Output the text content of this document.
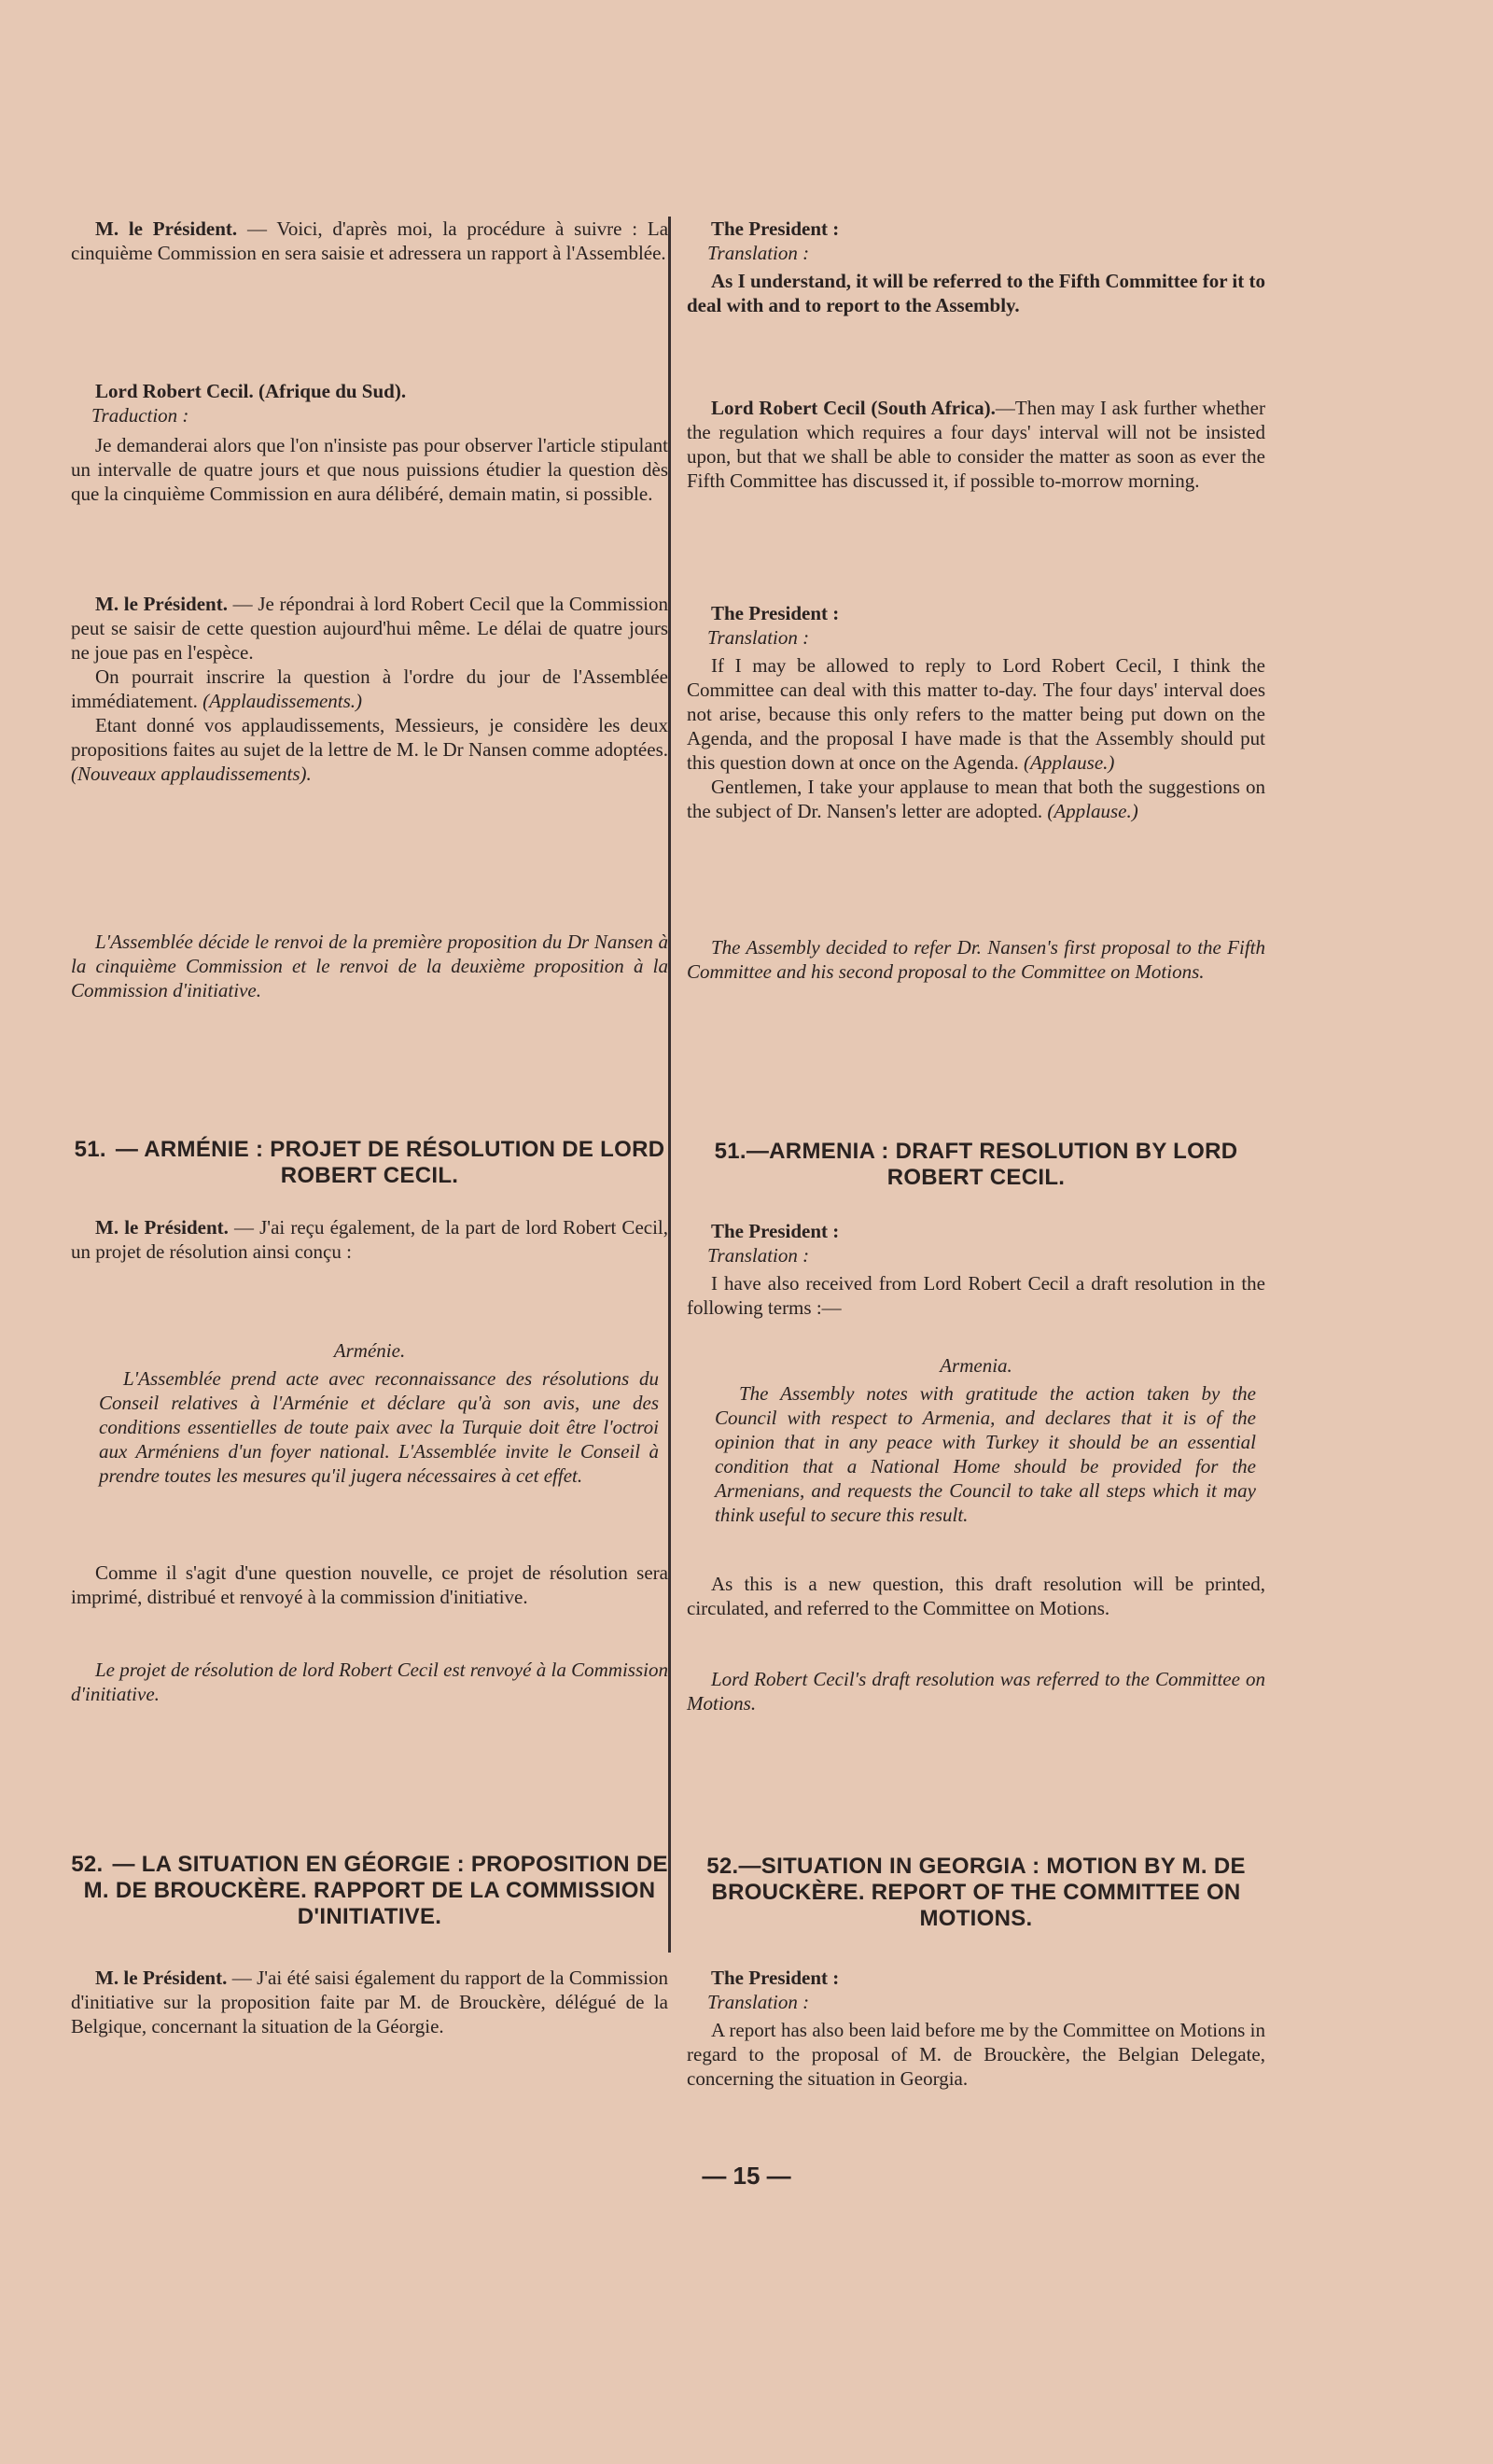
M. le Président. — Voici, d'après moi, la procédure à suivre : La cinquième Commission en sera saisie et adressera un rapport à l'Assemblée.

Lord Robert Cecil. (Afrique du Sud).

Traduction :

Je demanderai alors que l'on n'insiste pas pour observer l'article stipulant un intervalle de quatre jours et que nous puissions étudier la question dès que la cinquième Commission en aura délibéré, demain matin, si possible.

M. le Président. — Je répondrai à lord Robert Cecil que la Commission peut se saisir de cette question aujourd'hui même. Le délai de quatre jours ne joue pas en l'espèce.

On pourrait inscrire la question à l'ordre du jour de l'Assemblée immédiatement. (Applaudissements.)

Etant donné vos applaudissements, Messieurs, je considère les deux propositions faites au sujet de la lettre de M. le Dr Nansen comme adoptées. (Nouveaux applaudissements).

L'Assemblée décide le renvoi de la première proposition du Dr Nansen à la cinquième Commission et le renvoi de la deuxième proposition à la Commission d'initiative.

51. — ARMÉNIE : PROJET DE RÉSOLUTION DE LORD ROBERT CECIL.

M. le Président. — J'ai reçu également, de la part de lord Robert Cecil, un projet de résolution ainsi conçu :

Arménie.

L'Assemblée prend acte avec reconnaissance des résolutions du Conseil relatives à l'Arménie et déclare qu'à son avis, une des conditions essentielles de toute paix avec la Turquie doit être l'octroi aux Arméniens d'un foyer national. L'Assemblée invite le Conseil à prendre toutes les mesures qu'il jugera nécessaires à cet effet.

Comme il s'agit d'une question nouvelle, ce projet de résolution sera imprimé, distribué et renvoyé à la commission d'initiative.

Le projet de résolution de lord Robert Cecil est renvoyé à la Commission d'initiative.

52. — LA SITUATION EN GÉORGIE : PROPOSITION DE M. DE BROUCKÈRE. RAPPORT DE LA COMMISSION D'INITIATIVE.

M. le Président. — J'ai été saisi également du rapport de la Commission d'initiative sur la proposition faite par M. de Brouckère, délégué de la Belgique, concernant la situation de la Géorgie.

The President :

Translation :

As I understand, it will be referred to the Fifth Committee for it to deal with and to report to the Assembly.

Lord Robert Cecil (South Africa).—Then may I ask further whether the regulation which requires a four days' interval will not be insisted upon, but that we shall be able to consider the matter as soon as ever the Fifth Committee has discussed it, if possible to-morrow morning.

The President :

Translation :

If I may be allowed to reply to Lord Robert Cecil, I think the Committee can deal with this matter to-day. The four days' interval does not arise, because this only refers to the matter being put down on the Agenda, and the proposal I have made is that the Assembly should put this question down at once on the Agenda. (Applause.)

Gentlemen, I take your applause to mean that both the suggestions on the subject of Dr. Nansen's letter are adopted. (Applause.)

The Assembly decided to refer Dr. Nansen's first proposal to the Fifth Committee and his second proposal to the Committee on Motions.

51.—ARMENIA : DRAFT RESOLUTION BY LORD ROBERT CECIL.

The President :

Translation :

I have also received from Lord Robert Cecil a draft resolution in the following terms :—

Armenia.

The Assembly notes with gratitude the action taken by the Council with respect to Armenia, and declares that it is of the opinion that in any peace with Turkey it should be an essential condition that a National Home should be provided for the Armenians, and requests the Council to take all steps which it may think useful to secure this result.

As this is a new question, this draft resolution will be printed, circulated, and referred to the Committee on Motions.

Lord Robert Cecil's draft resolution was referred to the Committee on Motions.

52.—SITUATION IN GEORGIA : MOTION BY M. DE BROUCKÈRE. REPORT OF THE COMMITTEE ON MOTIONS.

The President :

Translation :

A report has also been laid before me by the Committee on Motions in regard to the proposal of M. de Brouckère, the Belgian Delegate, concerning the situation in Georgia.

— 15 —
